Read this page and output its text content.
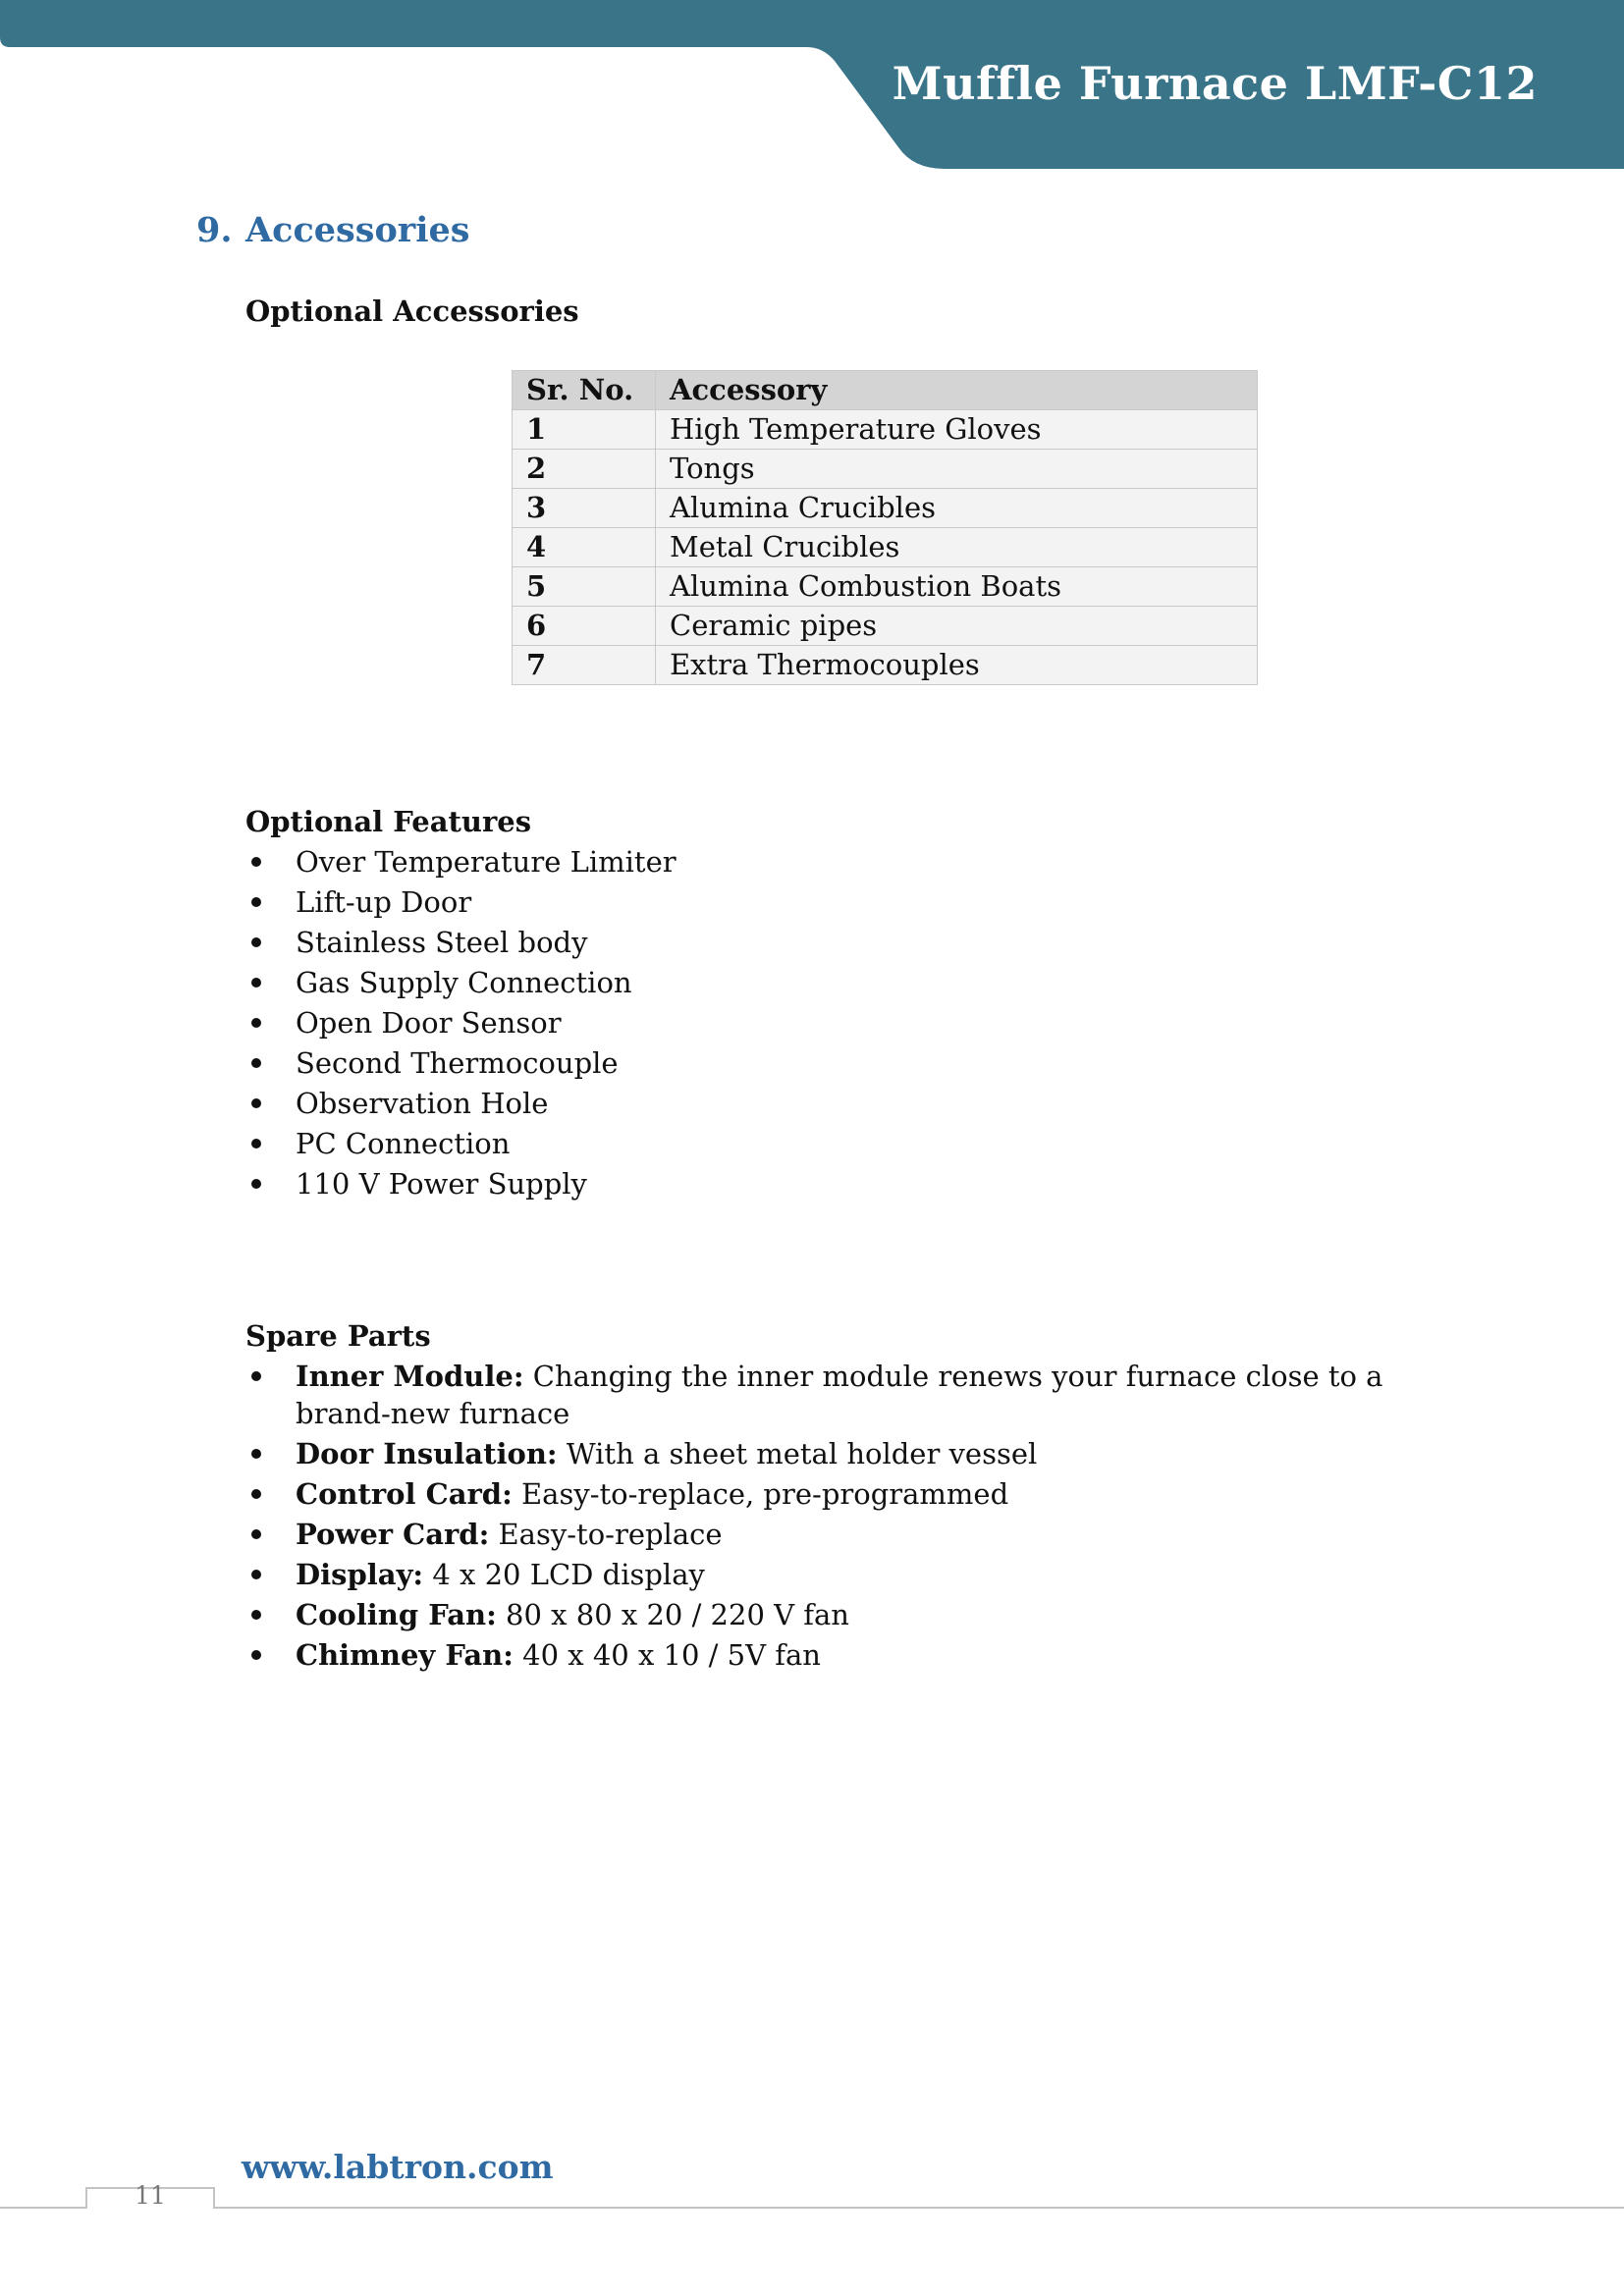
Muffle Furnace LMF-C12
9. Accessories
Optional Accessories
Sr. No.	Accessory
1	High Temperature Gloves
2	Tongs
3	Alumina Crucibles
4	Metal Crucibles
5	Alumina Combustion Boats
6	Ceramic pipes
7	Extra Thermocouples
Optional Features
Over Temperature Limiter
Lift-up Door
Stainless Steel body
Gas Supply Connection
Open Door Sensor
Second Thermocouple
Observation Hole
PC Connection
110 V Power Supply
Spare Parts
Inner Module: Changing the inner module renews your furnace close to a brand-new furnace
Door Insulation: With a sheet metal holder vessel
Control Card: Easy-to-replace, pre-programmed
Power Card: Easy-to-replace
Display: 4 x 20 LCD display
Cooling Fan: 80 x 80 x 20 / 220 V fan
Chimney Fan: 40 x 40 x 10 / 5V fan
www.labtron.com
11
